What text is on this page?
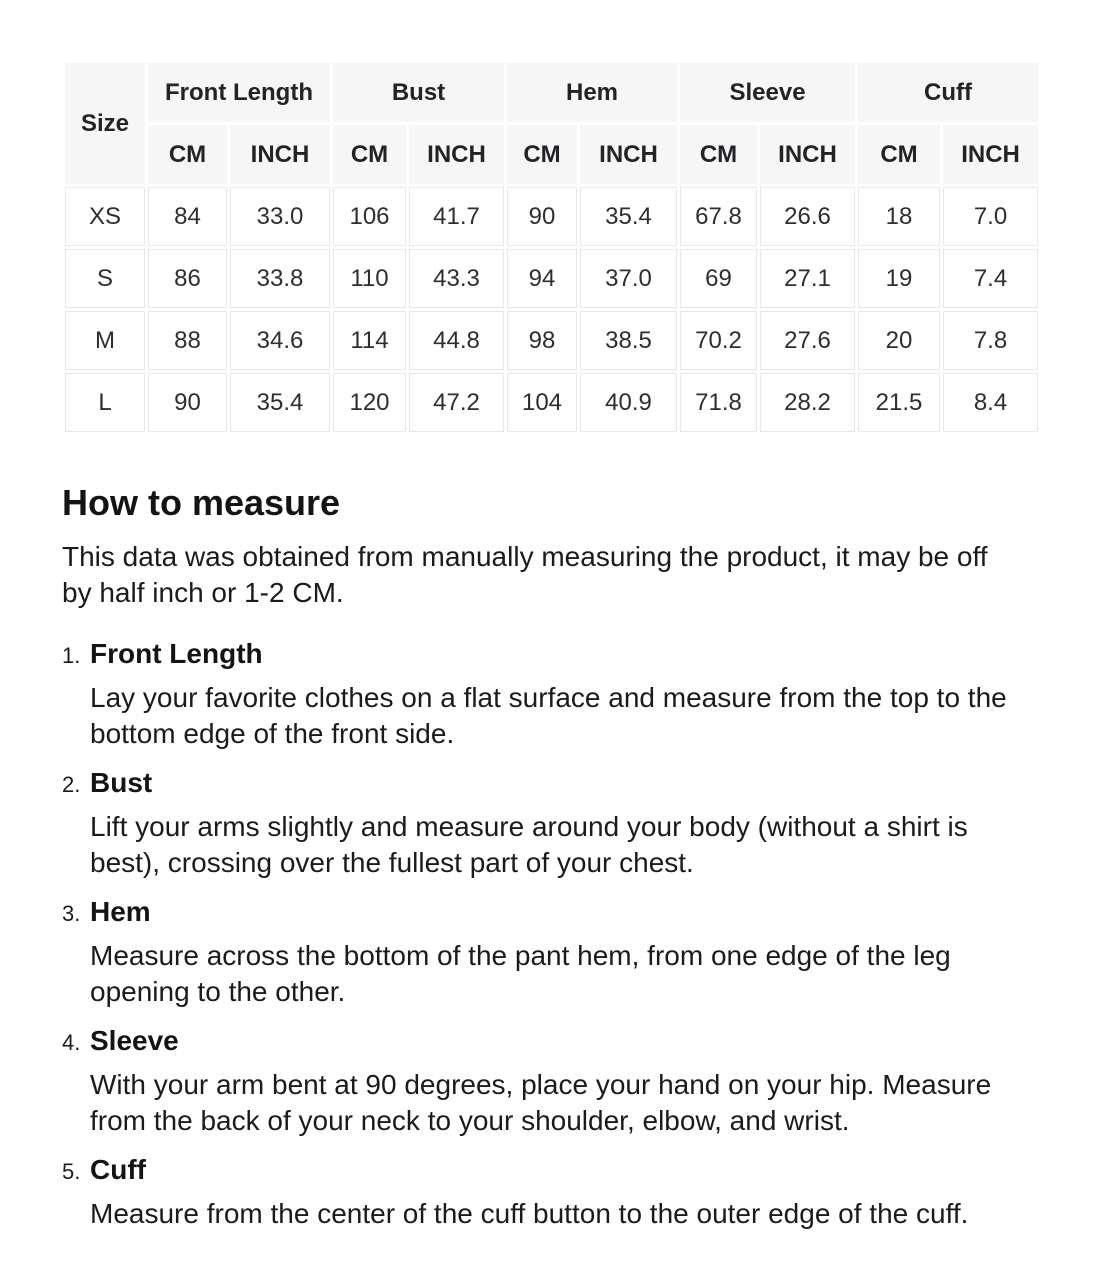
Size	Front Length		Bust		Hem		Sleeve		Cuff	
	CM	INCH	CM	INCH	CM	INCH	CM	INCH	CM	INCH
XS	84	33.0	106	41.7	90	35.4	67.8	26.6	18	7.0
S	86	33.8	110	43.3	94	37.0	69	27.1	19	7.4
M	88	34.6	114	44.8	98	38.5	70.2	27.6	20	7.8
L	90	35.4	120	47.2	104	40.9	71.8	28.2	21.5	8.4
How to measure

This data was obtained from manually measuring the product, it may be off by half inch or 1-2 CM.

1. Front Length

Lay your favorite clothes on a flat surface and measure from the top to the bottom edge of the front side.

2. Bust

Lift your arms slightly and measure around your body (without a shirt is best), crossing over the fullest part of your chest.

3. Hem

Measure across the bottom of the pant hem, from one edge of the leg opening to the other.

4. Sleeve

With your arm bent at 90 degrees, place your hand on your hip. Measure from the back of your neck to your shoulder, elbow, and wrist.

5. Cuff

Measure from the center of the cuff button to the outer edge of the cuff.
